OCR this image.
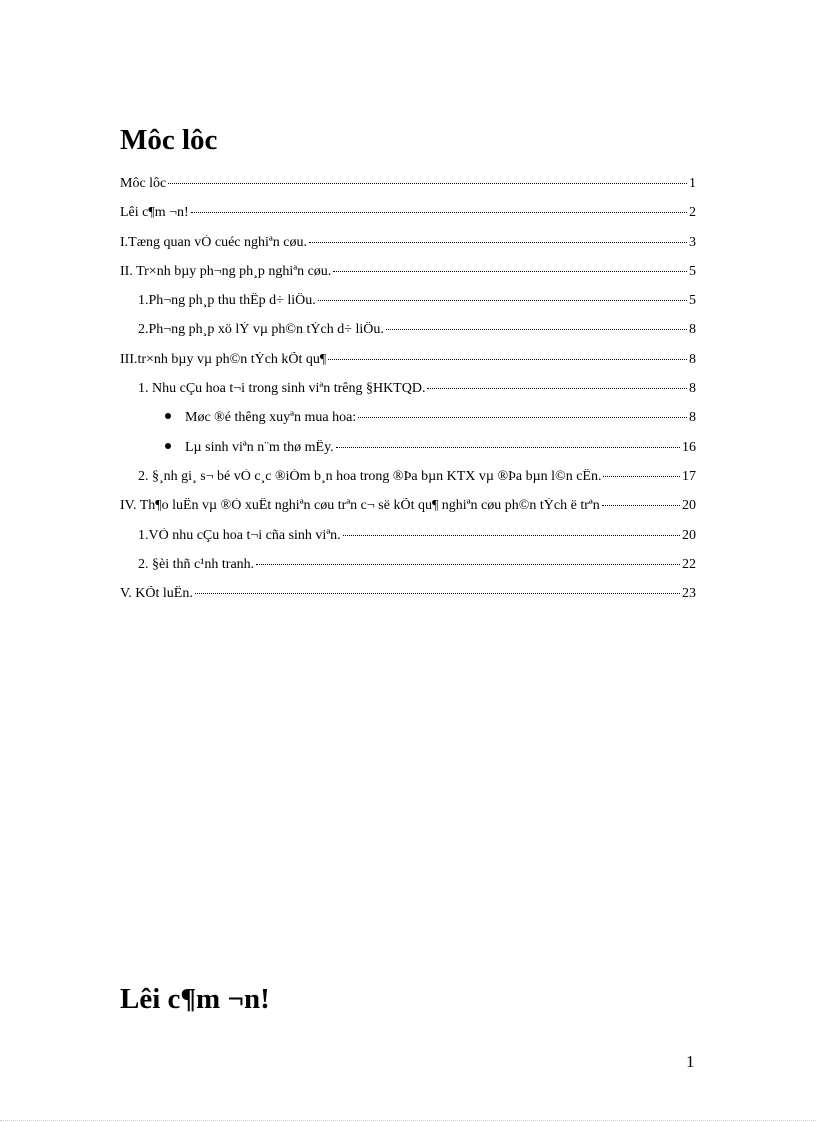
Môc lôc
Môc lôc	1
Lêi c¶m ¬n!	2
I.Tæng quan vÒ cuéc nghiªn cøu.	3
II. Tr×nh bµy ph¬ng ph¸p nghiªn cøu.	5
1.Ph¬ng ph¸p thu thËp d÷ liÖu.	5
2.Ph¬ng ph¸p xö lÝ vµ ph©n tÝch d÷ liÖu.	8
III.tr×nh bµy vµ ph©n tÝch kÕt qu¶	8
1. Nhu cÇu hoa t¬i trong sinh viªn trêng §HKTQD.	8
Møc ®é thêng xuyªn mua hoa:	8
Lµ sinh viªn n¨m thø mÊy.	16
2. §¸nh gi¸ s¬ bé vÒ c¸c ®iÓm b¸n hoa trong ®Þa bµn KTX vµ ®Þa bµn l©n cËn.	17
IV. Th¶o luËn vµ ®Ò xuÊt nghiªn cøu trªn c¬ së kÕt qu¶ nghiªn cøu ph©n tÝch ë trªn	20
1.VÒ nhu cÇu hoa t¬i cña sinh viªn.	20
2. §èi thñ c¹nh tranh.	22
V. KÕt luËn.	23
Lêi c¶m ¬n!
1
